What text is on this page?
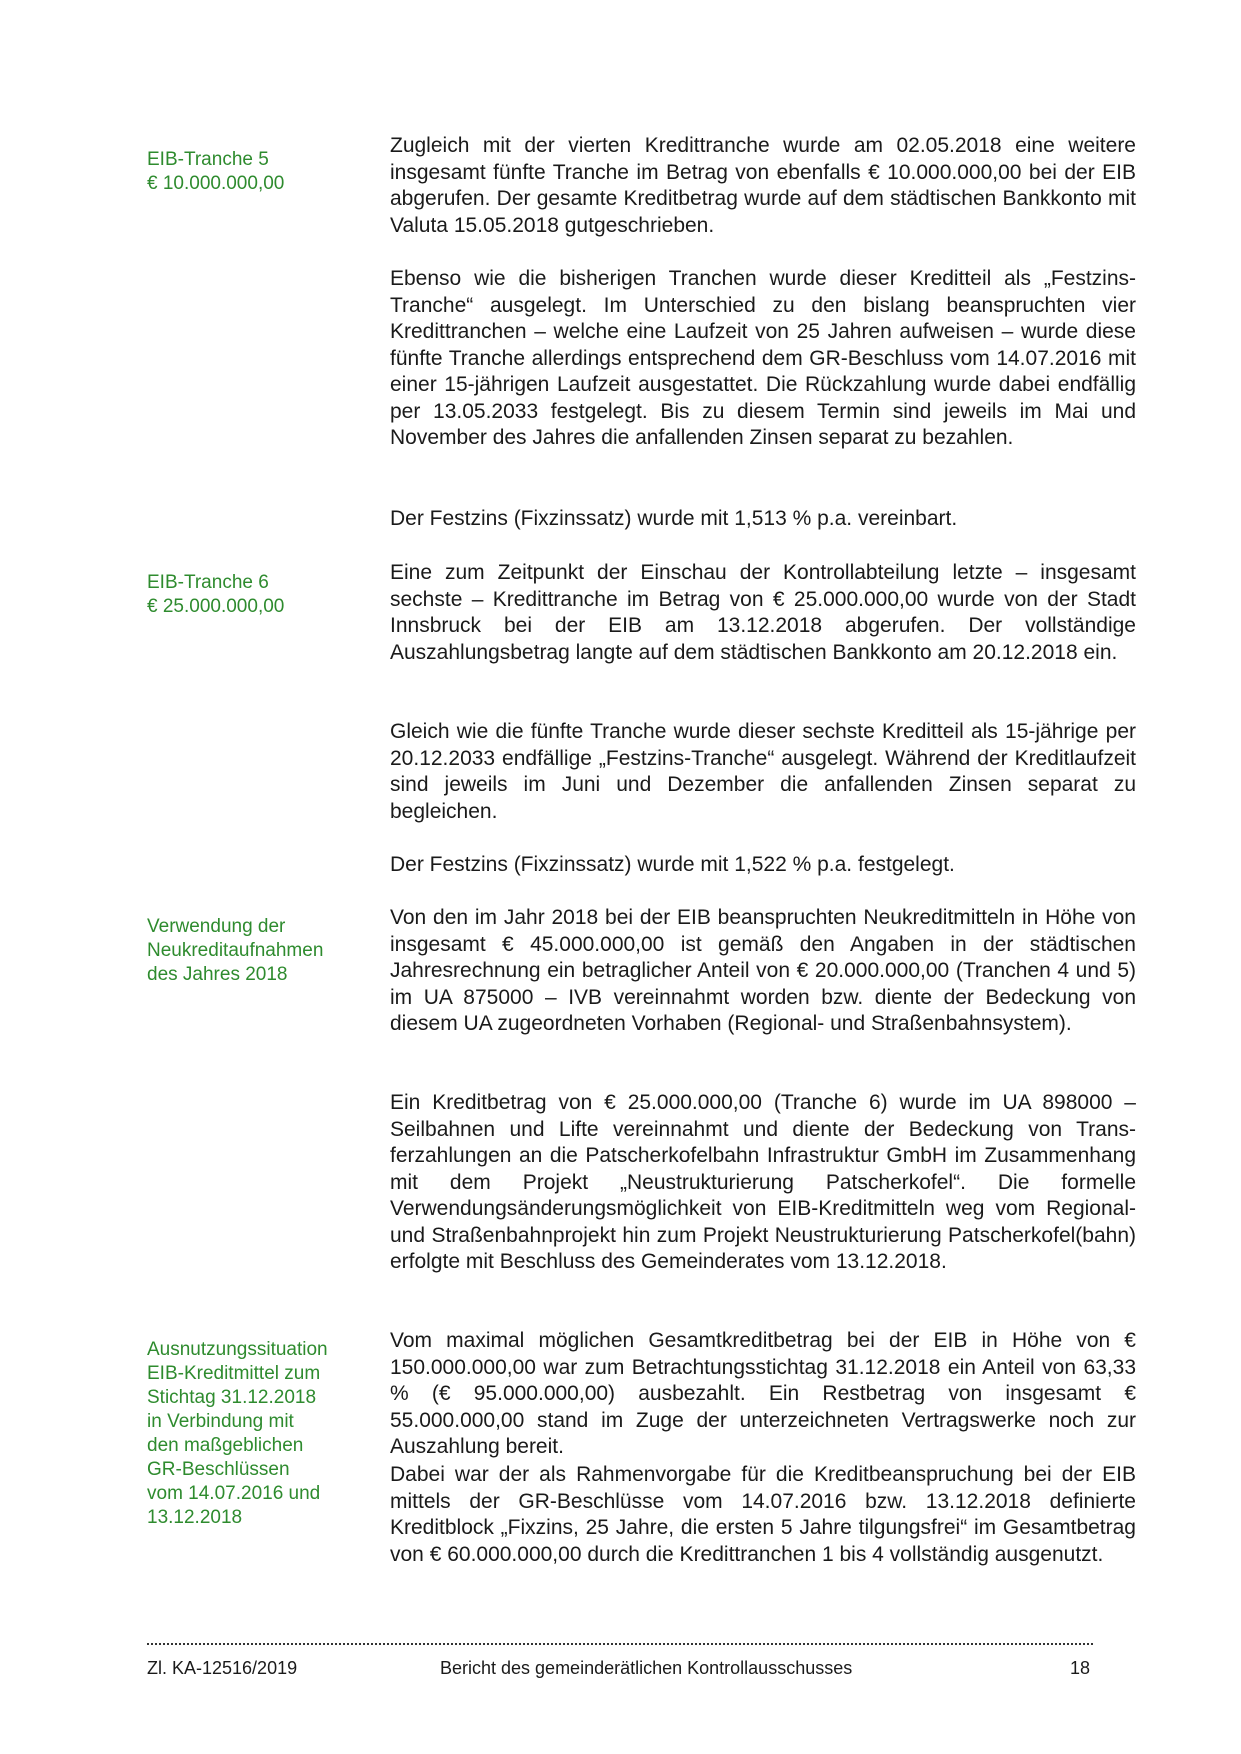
EIB-Tranche 5
€ 10.000.000,00
EIB-Tranche 6
€ 25.000.000,00
Verwendung der
Neukreditaufnahmen
des Jahres 2018
Ausnutzungssituation
EIB-Kreditmittel zum
Stichtag 31.12.2018
in Verbindung mit
den maßgeblichen
GR-Beschlüssen
vom 14.07.2016 und
13.12.2018

Zugleich mit der vierten Kredittranche wurde am 02.05.2018 eine weitere insgesamt fünfte Tranche im Betrag von ebenfalls € 10.000.000,00 bei der EIB abgerufen. Der gesamte Kreditbetrag wurde auf dem städtischen Bankkonto mit Valuta 15.05.2018 gutgeschrieben.

Ebenso wie die bisherigen Tranchen wurde dieser Kreditteil als „Festzins-Tranche“ ausgelegt. Im Unterschied zu den bislang beanspruchten vier Kredittranchen – welche eine Laufzeit von 25 Jahren aufweisen – wurde diese fünfte Tranche allerdings entsprechend dem GR-Beschluss vom 14.07.2016 mit einer 15-jährigen Laufzeit ausgestattet. Die Rückzahlung wurde dabei endfällig per 13.05.2033 festgelegt. Bis zu diesem Termin sind jeweils im Mai und November des Jahres die anfallenden Zinsen separat zu bezahlen.

Der Festzins (Fixzinssatz) wurde mit 1,513 % p.a. vereinbart.

Eine zum Zeitpunkt der Einschau der Kontrollabteilung letzte – insgesamt sechste – Kredittranche im Betrag von € 25.000.000,00 wurde von der Stadt Innsbruck bei der EIB am 13.12.2018 abgerufen. Der vollständige Auszahlungsbetrag langte auf dem städtischen Bankkonto am 20.12.2018 ein.

Gleich wie die fünfte Tranche wurde dieser sechste Kreditteil als 15-jährige per 20.12.2033 endfällige „Festzins-Tranche“ ausgelegt. Während der Kreditlaufzeit sind jeweils im Juni und Dezember die anfallenden Zinsen separat zu begleichen.

Der Festzins (Fixzinssatz) wurde mit 1,522 % p.a. festgelegt.

Von den im Jahr 2018 bei der EIB beanspruchten Neukreditmitteln in Höhe von insgesamt € 45.000.000,00 ist gemäß den Angaben in der städtischen Jahresrechnung ein betraglicher Anteil von € 20.000.000,00 (Tranchen 4 und 5) im UA 875000 – IVB vereinnahmt worden bzw. diente der Bedeckung von diesem UA zugeordneten Vorhaben (Regional- und Straßenbahnsystem).

Ein Kreditbetrag von € 25.000.000,00 (Tranche 6) wurde im UA 898000 – Seilbahnen und Lifte vereinnahmt und diente der Bedeckung von Transferzahlungen an die Patscherkofelbahn Infrastruktur GmbH im Zusammenhang mit dem Projekt „Neustrukturierung Patscherkofel“. Die formelle Verwendungsänderungsmöglichkeit von EIB-Kreditmitteln weg vom Regional- und Straßenbahnprojekt hin zum Projekt Neustrukturierung Patscherkofel(bahn) erfolgte mit Beschluss des Gemeinderates vom 13.12.2018.

Vom maximal möglichen Gesamtkreditbetrag bei der EIB in Höhe von € 150.000.000,00 war zum Betrachtungsstichtag 31.12.2018 ein Anteil von 63,33 % (€ 95.000.000,00) ausbezahlt. Ein Restbetrag von insgesamt € 55.000.000,00 stand im Zuge der unterzeichneten Vertragswerke noch zur Auszahlung bereit.

Dabei war der als Rahmenvorgabe für die Kreditbeanspruchung bei der EIB mittels der GR-Beschlüsse vom 14.07.2016 bzw. 13.12.2018 definierte Kreditblock „Fixzins, 25 Jahre, die ersten 5 Jahre tilgungsfrei“ im Gesamtbetrag von € 60.000.000,00 durch die Kredittranchen 1 bis 4 vollständig ausgenutzt.

Zl. KA-12516/2019	Bericht des gemeinderätlichen Kontrollausschusses	18
